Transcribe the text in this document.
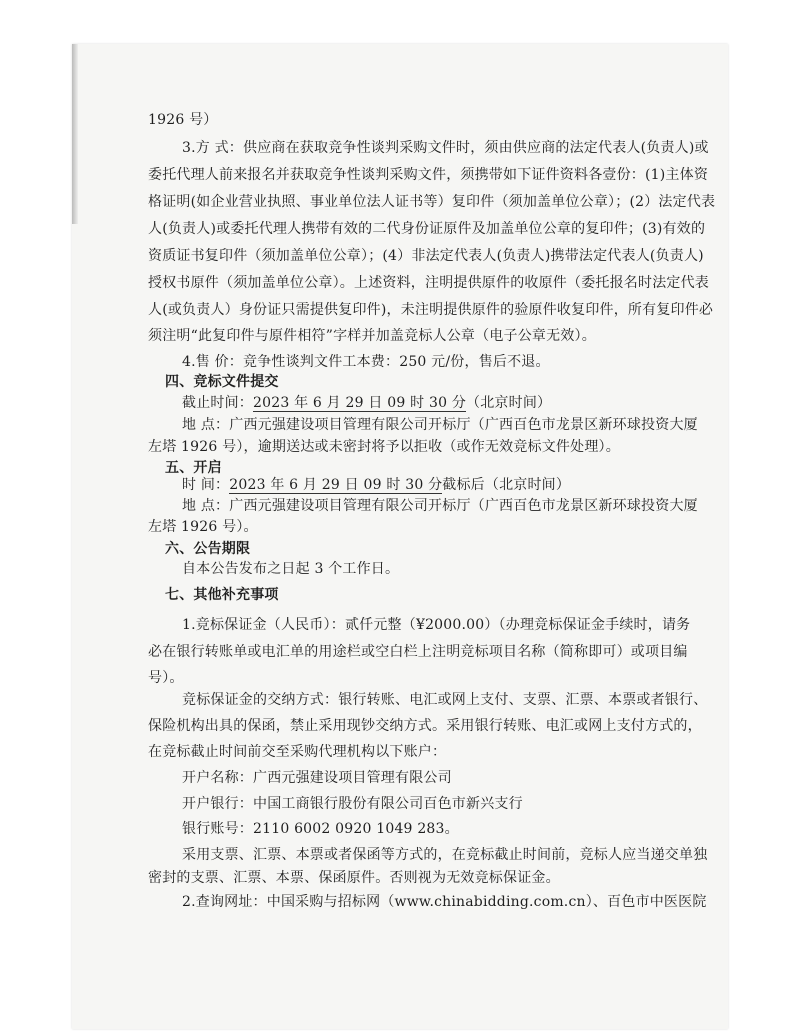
1926 号）
3.方 式：供应商在获取竞争性谈判采购文件时，须由供应商的法定代表人(负责人)或
委托代理人前来报名并获取竞争性谈判采购文件，须携带如下证件资料各壹份：(1)主体资
格证明(如企业营业执照、事业单位法人证书等）复印件（须加盖单位公章）；(2）法定代表
人(负责人)或委托代理人携带有效的二代身份证原件及加盖单位公章的复印件；(3)有效的
资质证书复印件（须加盖单位公章）；(4）非法定代表人(负责人)携带法定代表人(负责人)
授权书原件（须加盖单位公章）。上述资料，注明提供原件的收原件（委托报名时法定代表
人(或负责人）身份证只需提供复印件)，未注明提供原件的验原件收复印件，所有复印件必
须注明“此复印件与原件相符”字样并加盖竞标人公章（电子公章无效）。
4.售 价：竞争性谈判文件工本费：250 元/份，售后不退。
四、竞标文件提交
截止时间：2023 年 6 月 29 日 09 时 30 分（北京时间）
地 点：广西元强建设项目管理有限公司开标厅（广西百色市龙景区新环球投资大厦
左塔 1926 号），逾期送达或未密封将予以拒收（或作无效竞标文件处理）。
五、开启
时 间：2023 年 6 月 29 日 09 时 30 分截标后（北京时间）
地 点：广西元强建设项目管理有限公司开标厅（广西百色市龙景区新环球投资大厦
左塔 1926 号）。
六、公告期限
自本公告发布之日起 3 个工作日。
七、其他补充事项
1.竞标保证金（人民币）：贰仟元整（¥2000.00）（办理竞标保证金手续时，请务
必在银行转账单或电汇单的用途栏或空白栏上注明竞标项目名称（简称即可）或项目编
号）。
竞标保证金的交纳方式：银行转账、电汇或网上支付、支票、汇票、本票或者银行、
保险机构出具的保函，禁止采用现钞交纳方式。采用银行转账、电汇或网上支付方式的，
在竞标截止时间前交至采购代理机构以下账户：
开户名称：广西元强建设项目管理有限公司
开户银行：中国工商银行股份有限公司百色市新兴支行
银行账号：2110 6002 0920 1049 283。
采用支票、汇票、本票或者保函等方式的，在竞标截止时间前，竞标人应当递交单独
密封的支票、汇票、本票、保函原件。否则视为无效竞标保证金。
2.查询网址：中国采购与招标网（www.chinabidding.com.cn）、百色市中医医院
